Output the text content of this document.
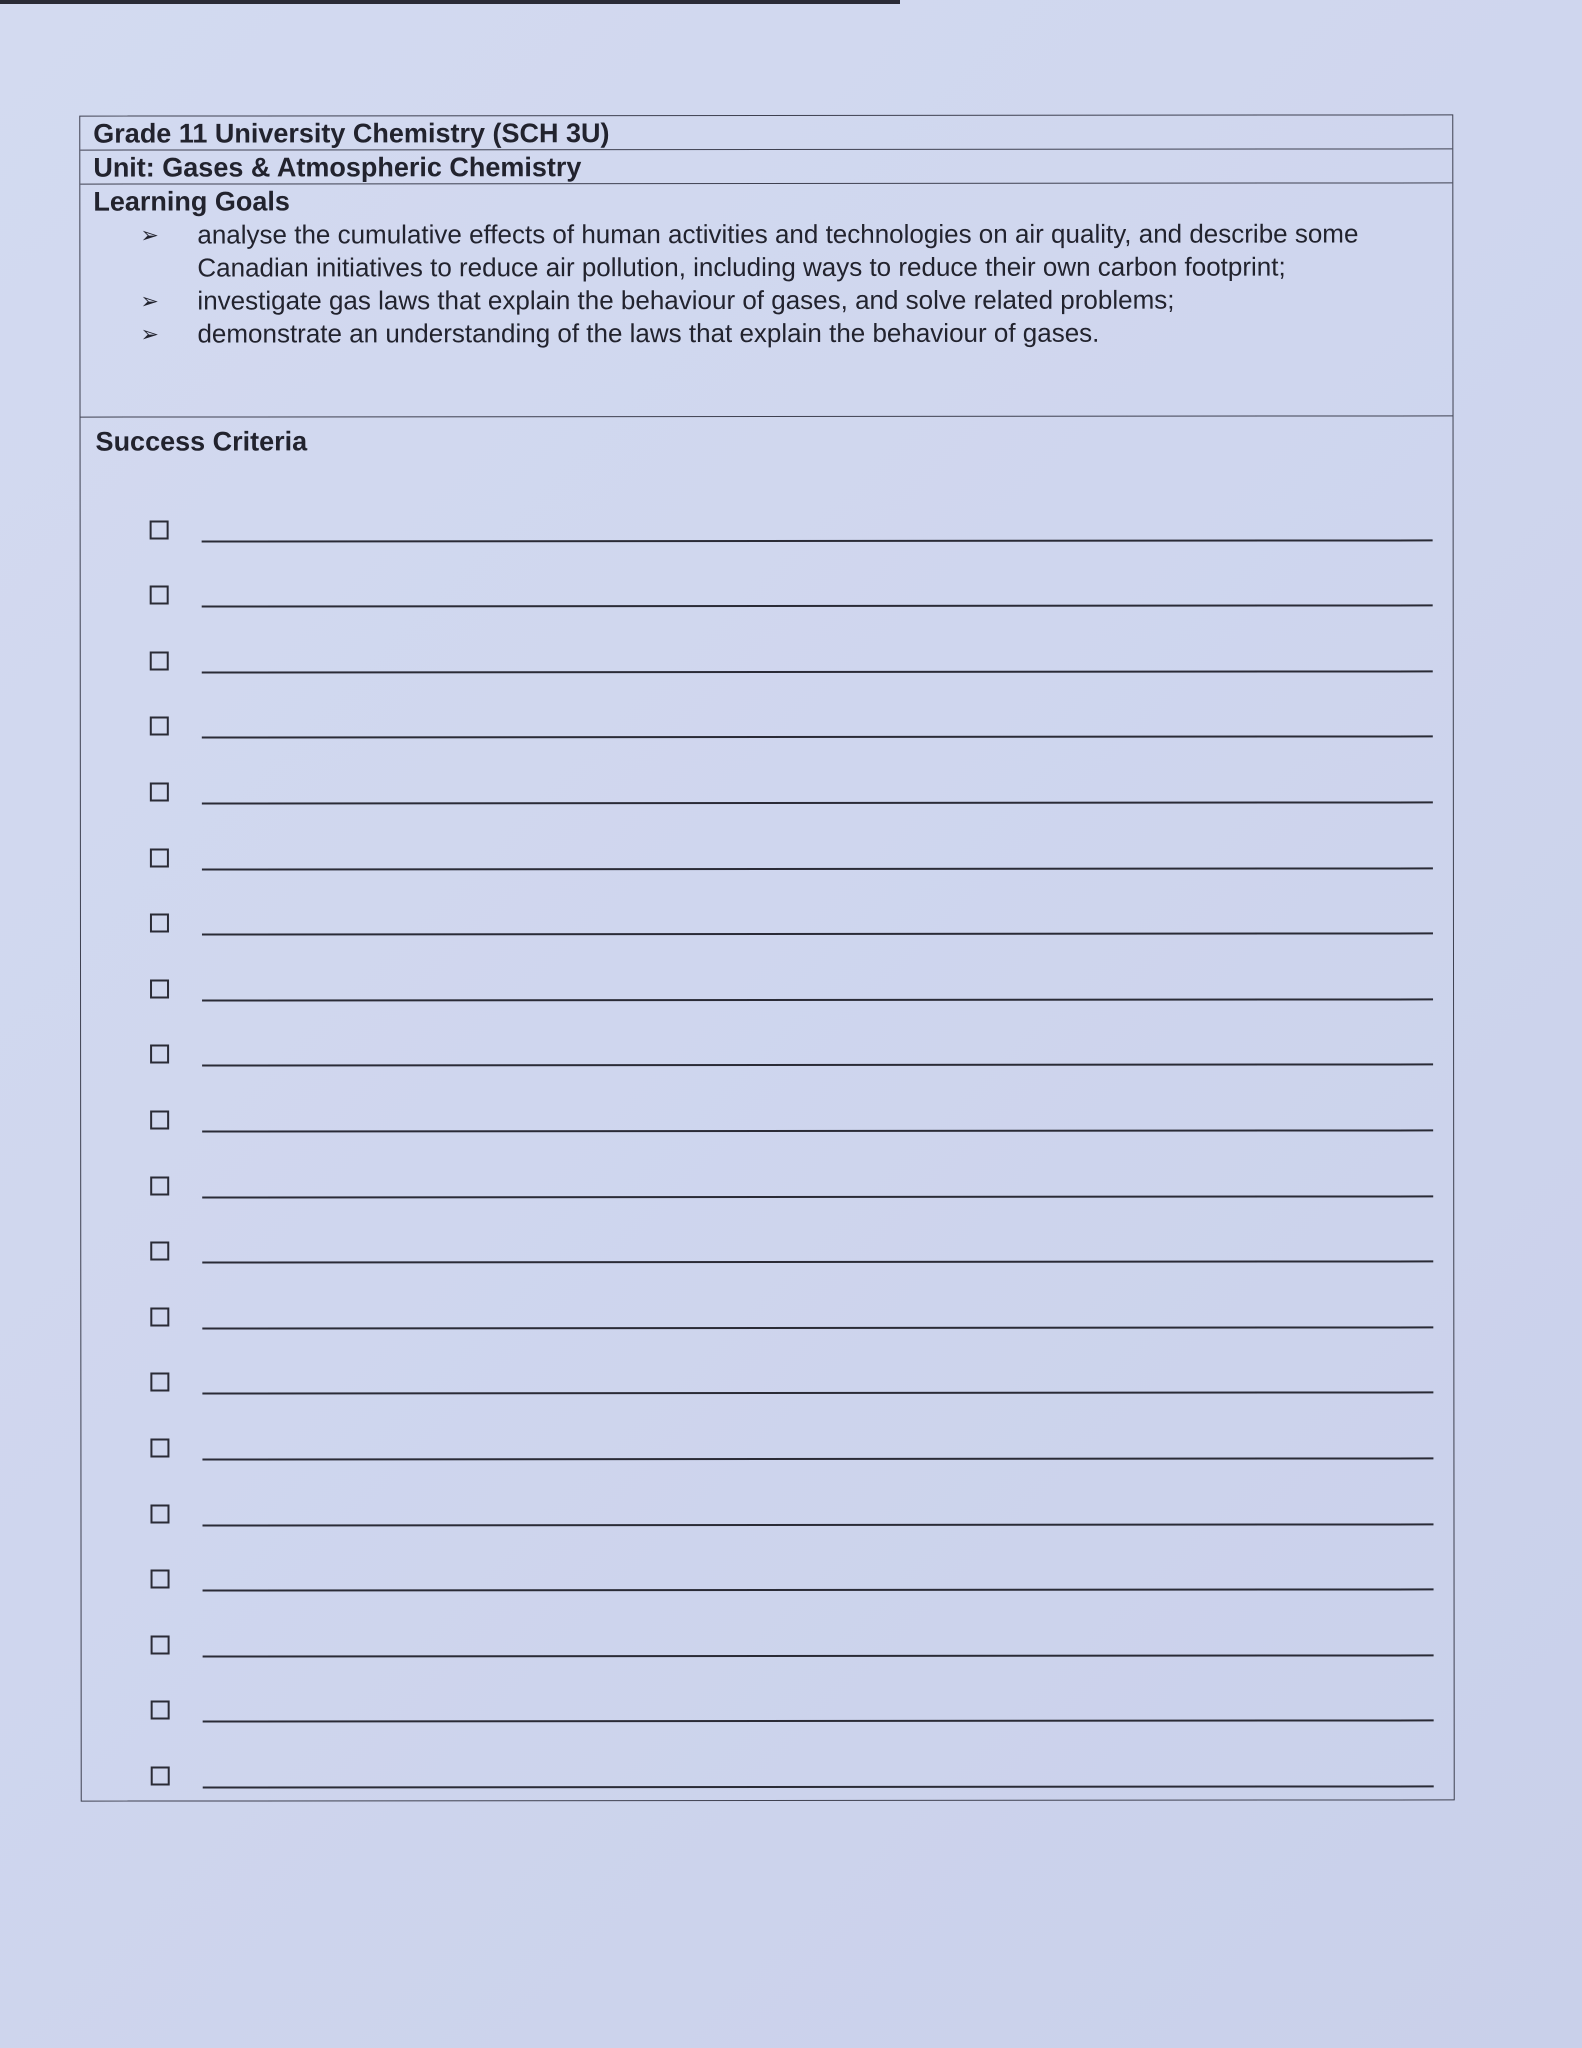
Grade 11 University Chemistry (SCH 3U)
Unit: Gases & Atmospheric Chemistry
Learning Goals
➢	analyse the cumulative effects of human activities and technologies on air quality, and describe some Canadian initiatives to reduce air pollution, including ways to reduce their own carbon footprint;
➢	investigate gas laws that explain the behaviour of gases, and solve related problems;
➢	demonstrate an understanding of the laws that explain the behaviour of gases.
Success Criteria
